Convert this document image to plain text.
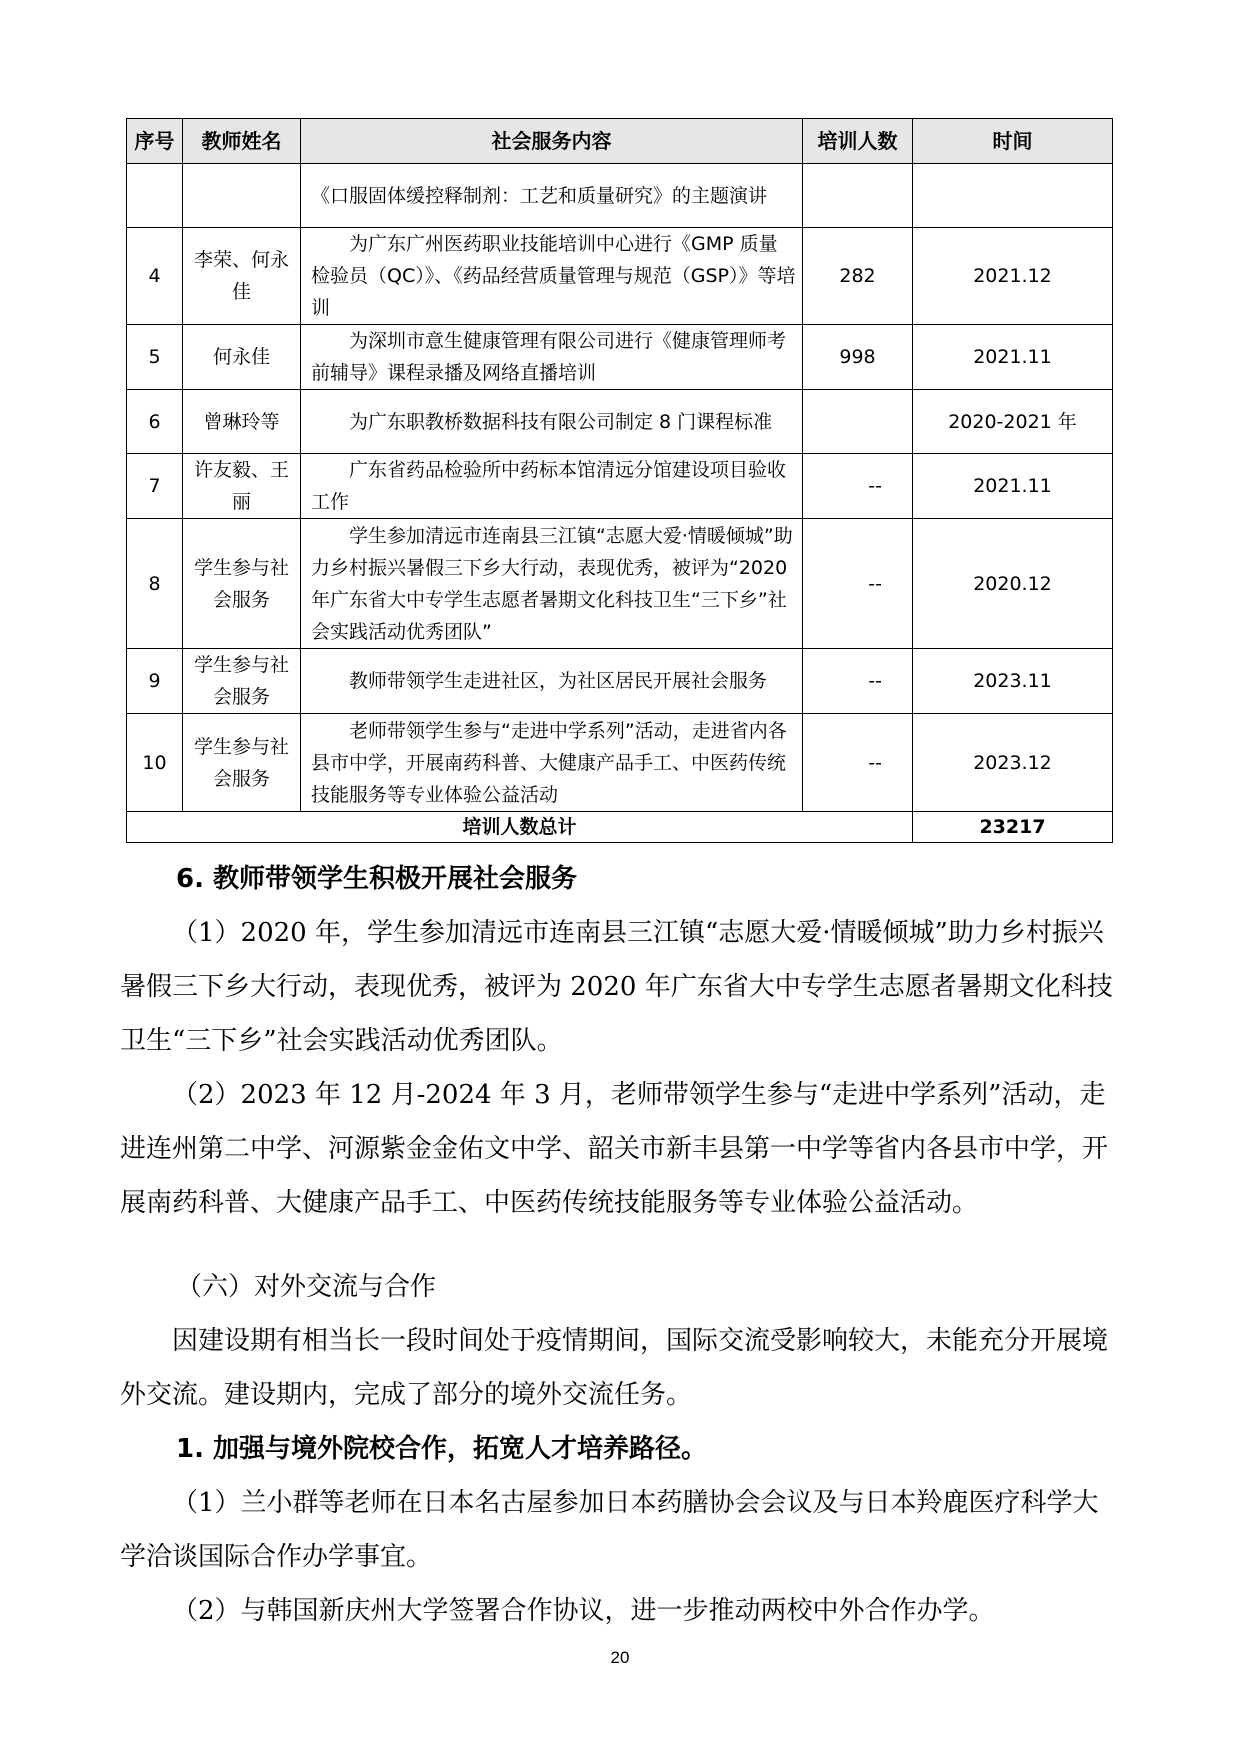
序号	教师姓名	社会服务内容	培训人数	时间

		《口服固体缓控释制剂：工艺和质量研究》的主题演讲		

4	李荣、何永佳	为广东广州医药职业技能培训中心进行《GMP 质量检验员（QC）》、《药品经营质量管理与规范（GSP）》等培训	282	2021.12
5	何永佳	为深圳市意生健康管理有限公司进行《健康管理师考前辅导》课程录播及网络直播培训	998	2021.11
6	曾琳玲等	为广东职教桥数据科技有限公司制定 8 门课程标准		2020-2021 年
7	许友毅、王丽	广东省药品检验所中药标本馆清远分馆建设项目验收工作	--	2021.11
8	学生参与社会服务	学生参加清远市连南县三江镇“志愿大爱·情暖倾城”助力乡村振兴暑假三下乡大行动，表现优秀，被评为“2020 年广东省大中专学生志愿者暑期文化科技卫生“三下乡”社会实践活动优秀团队”	--	2020.12
9	学生参与社会服务	教师带领学生走进社区，为社区居民开展社会服务	--	2023.11
10	学生参与社会服务	老师带领学生参与“走进中学系列”活动，走进省内各县市中学，开展南药科普、大健康产品手工、中医药传统技能服务等专业体验公益活动	--	2023.12
培训人数总计				23217
6. 教师带领学生积极开展社会服务

（1）2020 年，学生参加清远市连南县三江镇“志愿大爱·情暖倾城”助力乡村振兴暑假三下乡大行动，表现优秀，被评为 2020 年广东省大中专学生志愿者暑期文化科技卫生“三下乡”社会实践活动优秀团队。

（2）2023 年 12 月-2024 年 3 月，老师带领学生参与“走进中学系列”活动，走进连州第二中学、河源紫金金佑文中学、韶关市新丰县第一中学等省内各县市中学，开展南药科普、大健康产品手工、中医药传统技能服务等专业体验公益活动。

（六）对外交流与合作

因建设期有相当长一段时间处于疫情期间，国际交流受影响较大，未能充分开展境外交流。建设期内，完成了部分的境外交流任务。

1. 加强与境外院校合作，拓宽人才培养路径。

（1）兰小群等老师在日本名古屋参加日本药膳协会会议及与日本羚鹿医疗科学大学洽谈国际合作办学事宜。

（2）与韩国新庆州大学签署合作协议，进一步推动两校中外合作办学。

20
